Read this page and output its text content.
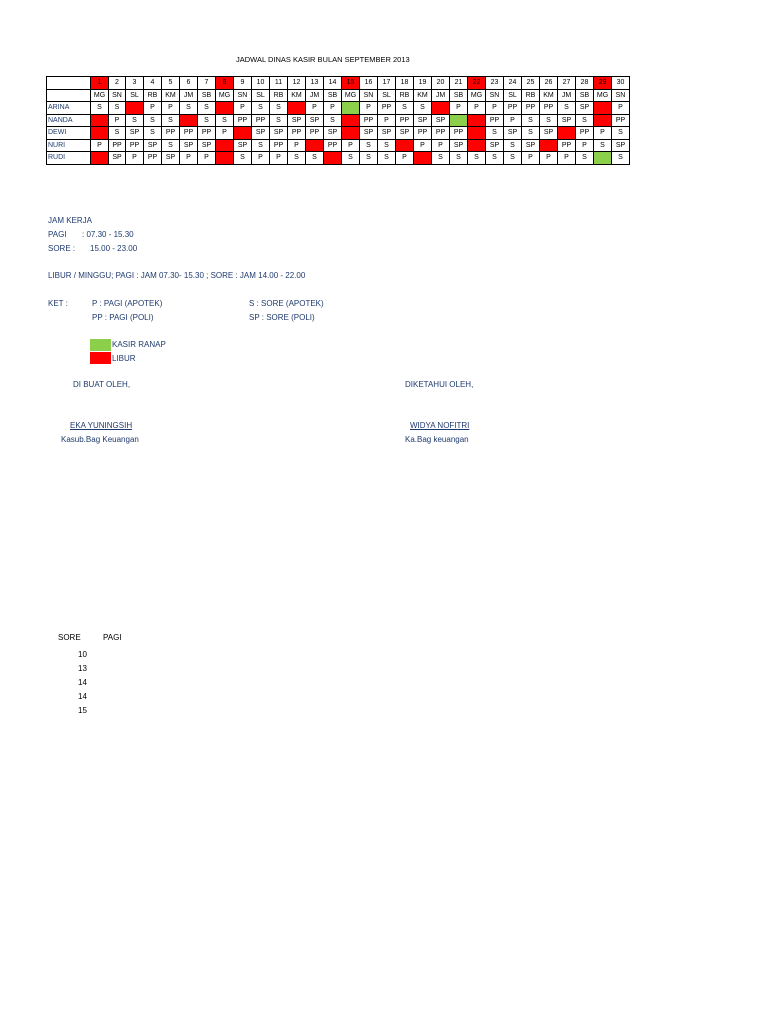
JADWAL DINAS KASIR BULAN SEPTEMBER 2013
	1	2	3	4	5	6	7	8	9	10	11	12	13	14	15	16	17	18	19	20	21	22	23	24	25	26	27	28	29	30
	MG	SN	SL	RB	KM	JM	SB	MG	SN	SL	RB	KM	JM	SB	MG	SN	SL	RB	KM	JM	SB	MG	SN	SL	RB	KM	JM	SB	MG	SN
ARINA	S	S		P	P	S	S		P	S	S		P	P		P	PP	S	S		P	P	P	PP	PP	PP	S	SP		P
NANDA		P	S	S	S		S	S	PP	PP	S	SP	SP	S		PP	P	PP	SP	SP			PP	P	S	S	SP	S		PP
DEWI		S	SP	S	PP	PP	PP	P		SP	SP	PP	PP	SP		SP	SP	SP	PP	PP	PP		S	SP	S	SP		PP	P	S
NURI	P	PP	PP	SP	S	SP	SP		SP	S	PP	P		PP	P	S	S		P	P	SP		SP	S	SP		PP	P	S	SP
RUDI		SP	P	PP	SP	P	P		S	P	P	S	S		S	S	S	P		S	S	S	S	S	P	P	P	S		S
JAM KERJA
PAGI : 07.30 - 15.30
SORE : 15.00 - 23.00
LIBUR / MINGGU; PAGI : JAM 07.30- 15.30 ; SORE : JAM 14.00 - 22.00
KET :	P : PAGI (APOTEK)
PP : PAGI (POLI)
S : SORE (APOTEK)
SP : SORE (POLI)
KASIR RANAP
LIBUR
DI BUAT OLEH,
EKA YUNINGSIH
Kasub.Bag Keuangan
DIKETAHUI OLEH,
WIDYA NOFITRI
Ka.Bag keuangan
SORE	PAGI
10
13
14
14
15
